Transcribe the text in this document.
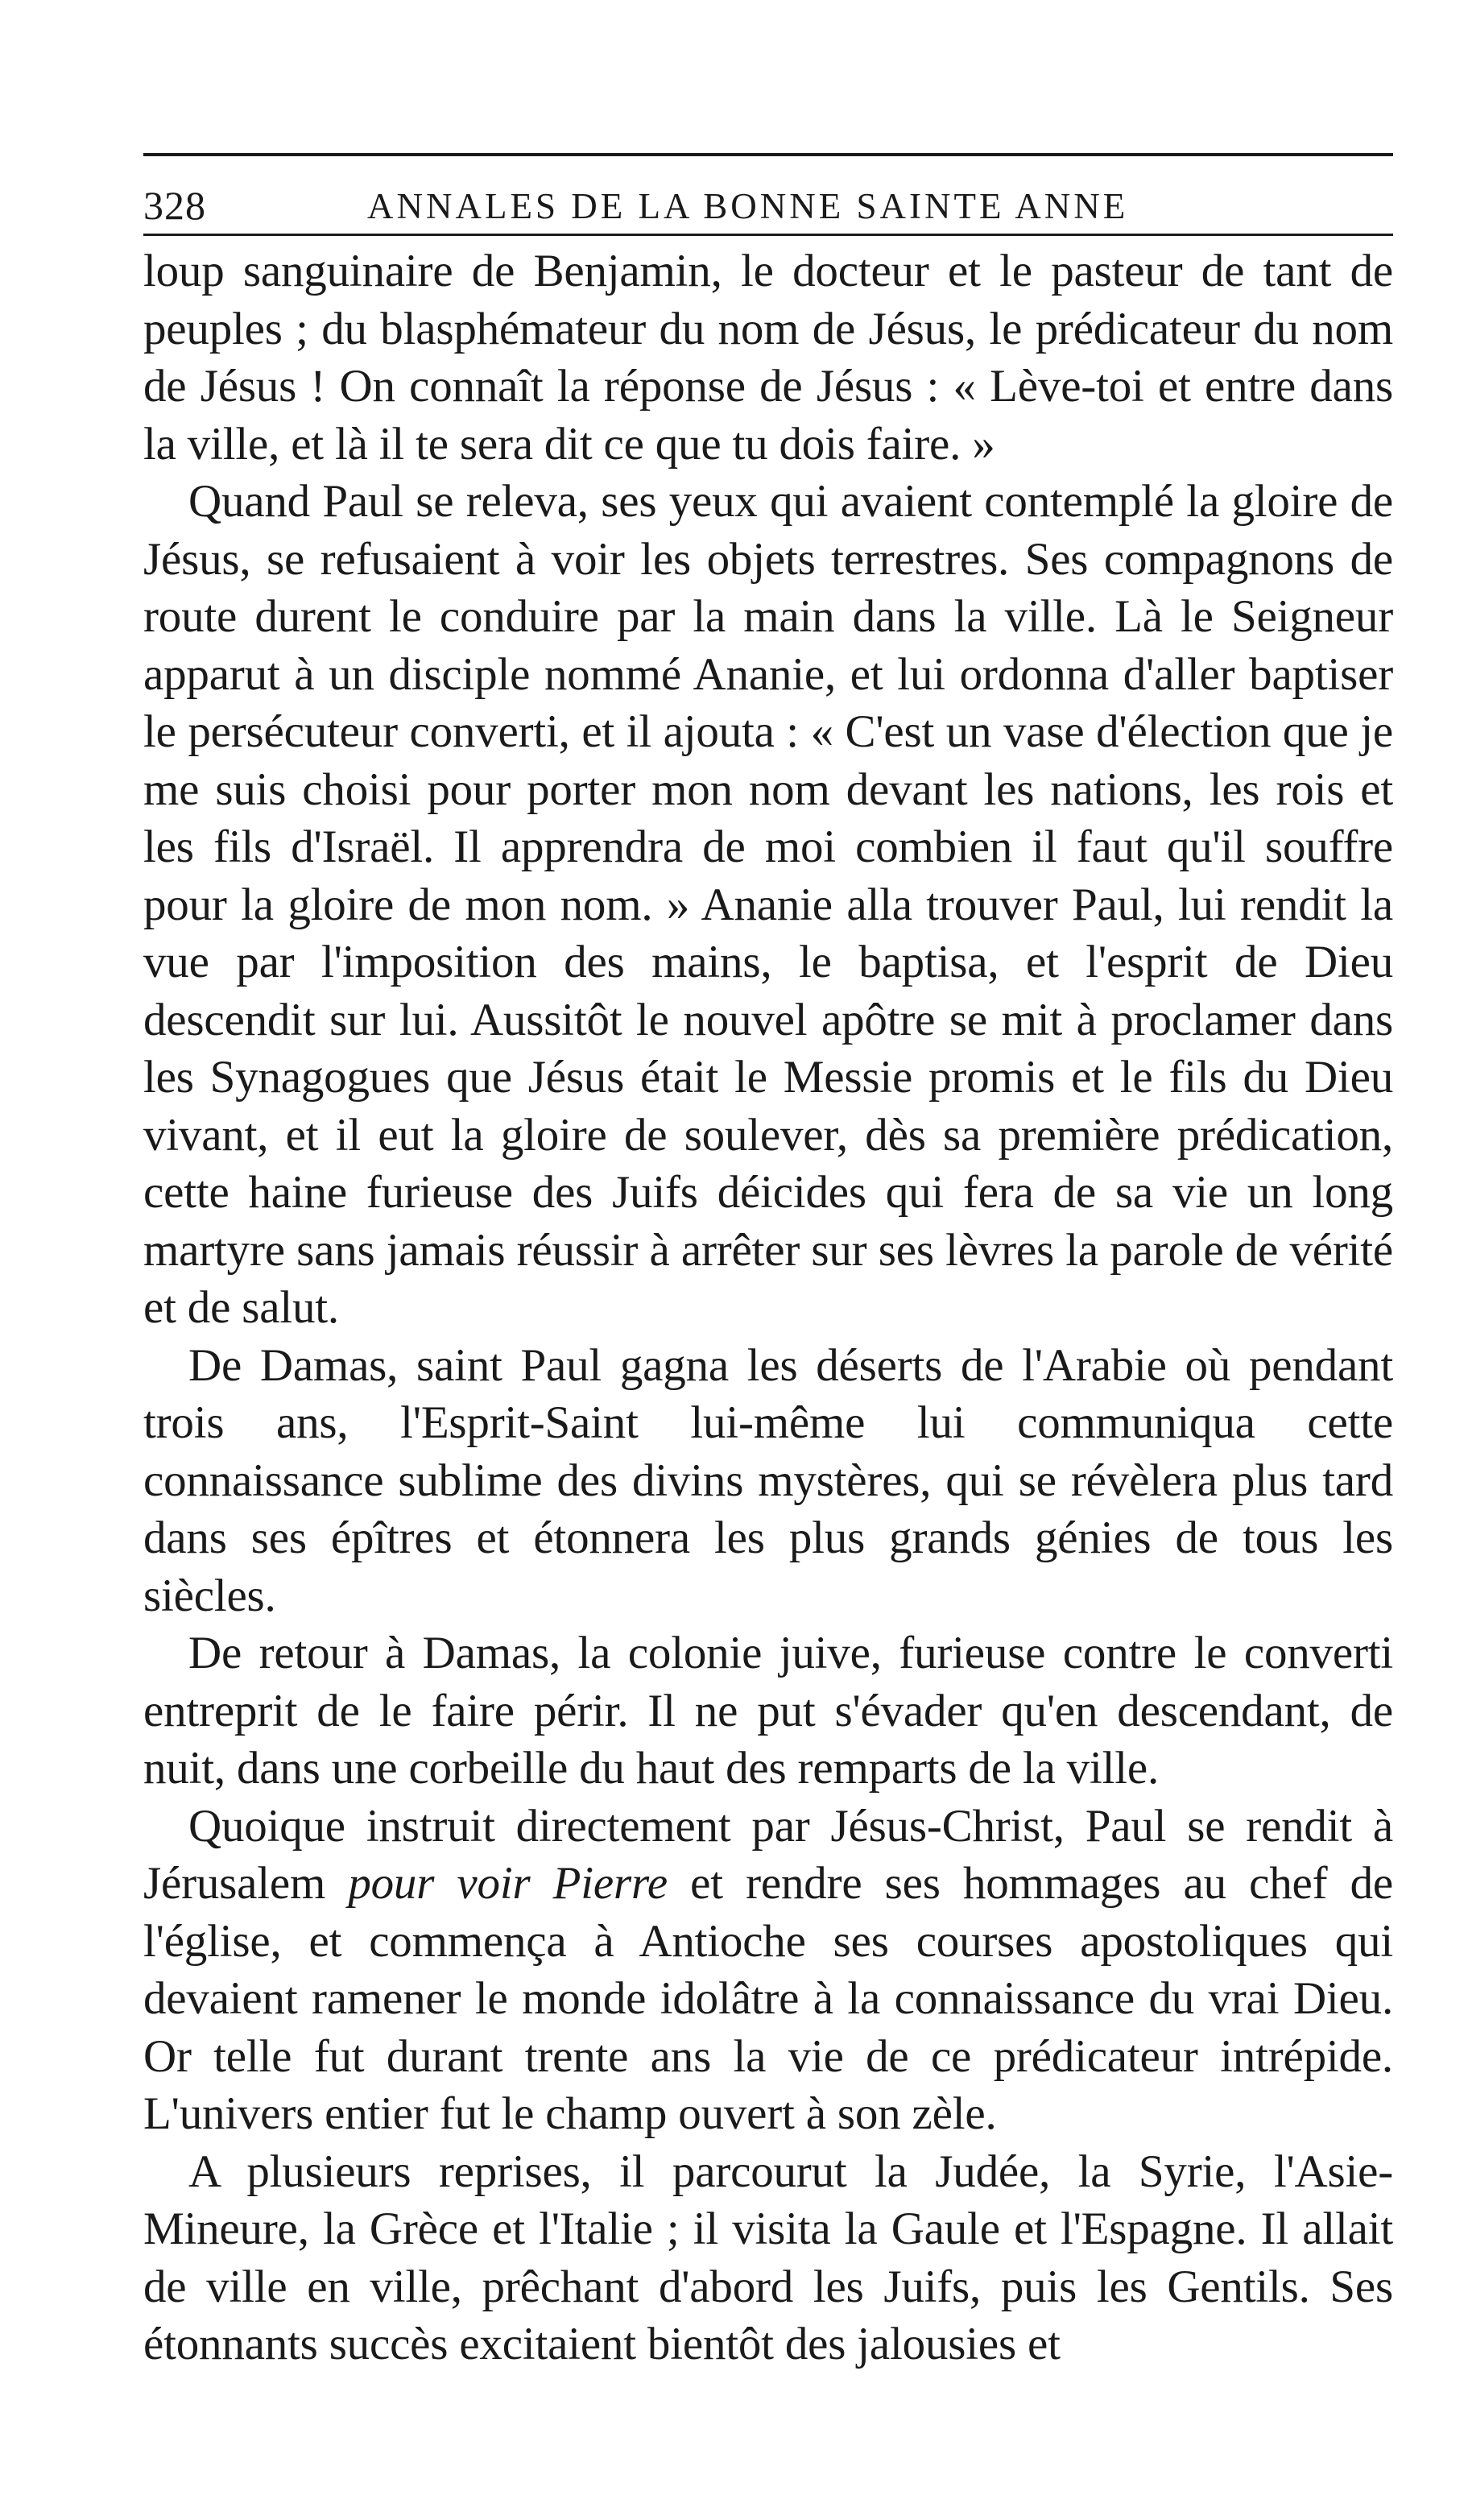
328	ANNALES DE LA BONNE SAINTE ANNE

loup sanguinaire de Benjamin, le docteur et le pasteur de tant de peuples ; du blasphémateur du nom de Jésus, le prédicateur du nom de Jésus ! On connaît la réponse de Jésus : « Lève-toi et entre dans la ville, et là il te sera dit ce que tu dois faire. »

Quand Paul se releva, ses yeux qui avaient contemplé la gloire de Jésus, se refusaient à voir les objets terrestres. Ses compagnons de route durent le conduire par la main dans la ville. Là le Seigneur apparut à un disciple nommé Ananie, et lui ordonna d'aller baptiser le persécuteur converti, et il ajouta : « C'est un vase d'élection que je me suis choisi pour porter mon nom devant les nations, les rois et les fils d'Israël. Il apprendra de moi combien il faut qu'il souffre pour la gloire de mon nom. » Ananie alla trouver Paul, lui rendit la vue par l'imposition des mains, le baptisa, et l'esprit de Dieu descendit sur lui. Aussitôt le nouvel apôtre se mit à proclamer dans les Synagogues que Jésus était le Messie promis et le fils du Dieu vivant, et il eut la gloire de soulever, dès sa première prédication, cette haine furieuse des Juifs déicides qui fera de sa vie un long martyre sans jamais réussir à arrêter sur ses lèvres la parole de vérité et de salut.

De Damas, saint Paul gagna les déserts de l'Arabie où pendant trois ans, l'Esprit-Saint lui-même lui communiqua cette connaissance sublime des divins mystères, qui se révèlera plus tard dans ses épîtres et étonnera les plus grands génies de tous les siècles.

De retour à Damas, la colonie juive, furieuse contre le converti entreprit de le faire périr. Il ne put s'évader qu'en descendant, de nuit, dans une corbeille du haut des remparts de la ville.

Quoique instruit directement par Jésus-Christ, Paul se rendit à Jérusalem pour voir Pierre et rendre ses hommages au chef de l'église, et commença à Antioche ses courses apostoliques qui devaient ramener le monde idolâtre à la connaissance du vrai Dieu. Or telle fut durant trente ans la vie de ce prédicateur intrépide. L'univers entier fut le champ ouvert à son zèle.

A plusieurs reprises, il parcourut la Judée, la Syrie, l'Asie-Mineure, la Grèce et l'Italie ; il visita la Gaule et l'Espagne. Il allait de ville en ville, prêchant d'abord les Juifs, puis les Gentils. Ses étonnants succès excitaient bientôt des jalousies et
